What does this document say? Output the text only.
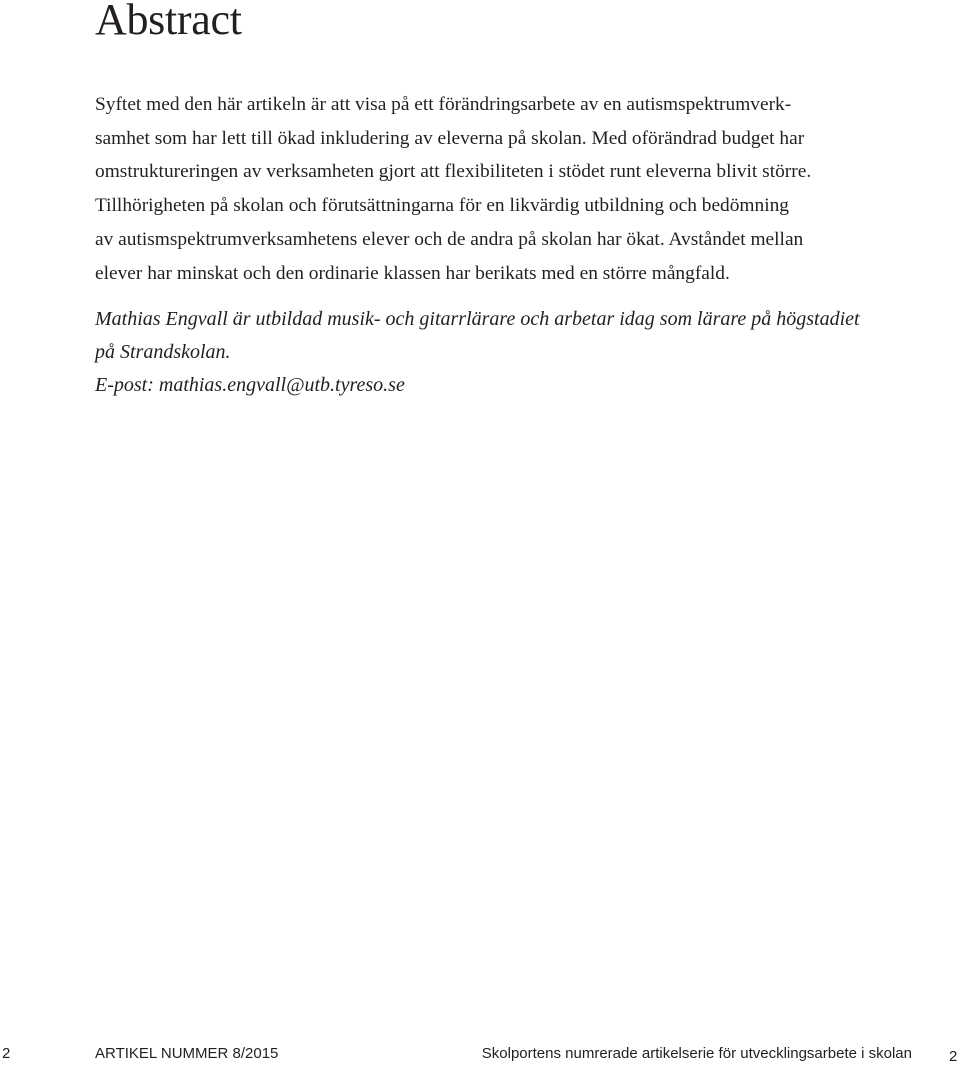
Abstract
Syftet med den här artikeln är att visa på ett förändringsarbete av en autismspektrumverk-
samhet som har lett till ökad inkludering av eleverna på skolan. Med oförändrad budget har
omstruktureringen av verksamheten gjort att flexibiliteten i stödet runt eleverna blivit större.
Tillhörigheten på skolan och förutsättningarna för en likvärdig utbildning och bedömning
av autismspektrumverksamhetens elever och de andra på skolan har ökat. Avståndet mellan
elever har minskat och den ordinarie klassen har berikats med en större mångfald.
Mathias Engvall är utbildad musik- och gitarrlärare och arbetar idag som lärare på högstadiet
på Strandskolan.
E-post: mathias.engvall@utb.tyreso.se
2	ARTIKEL NUMMER 8/2015	Skolportens numrerade artikelserie för utvecklingsarbete i skolan 2
